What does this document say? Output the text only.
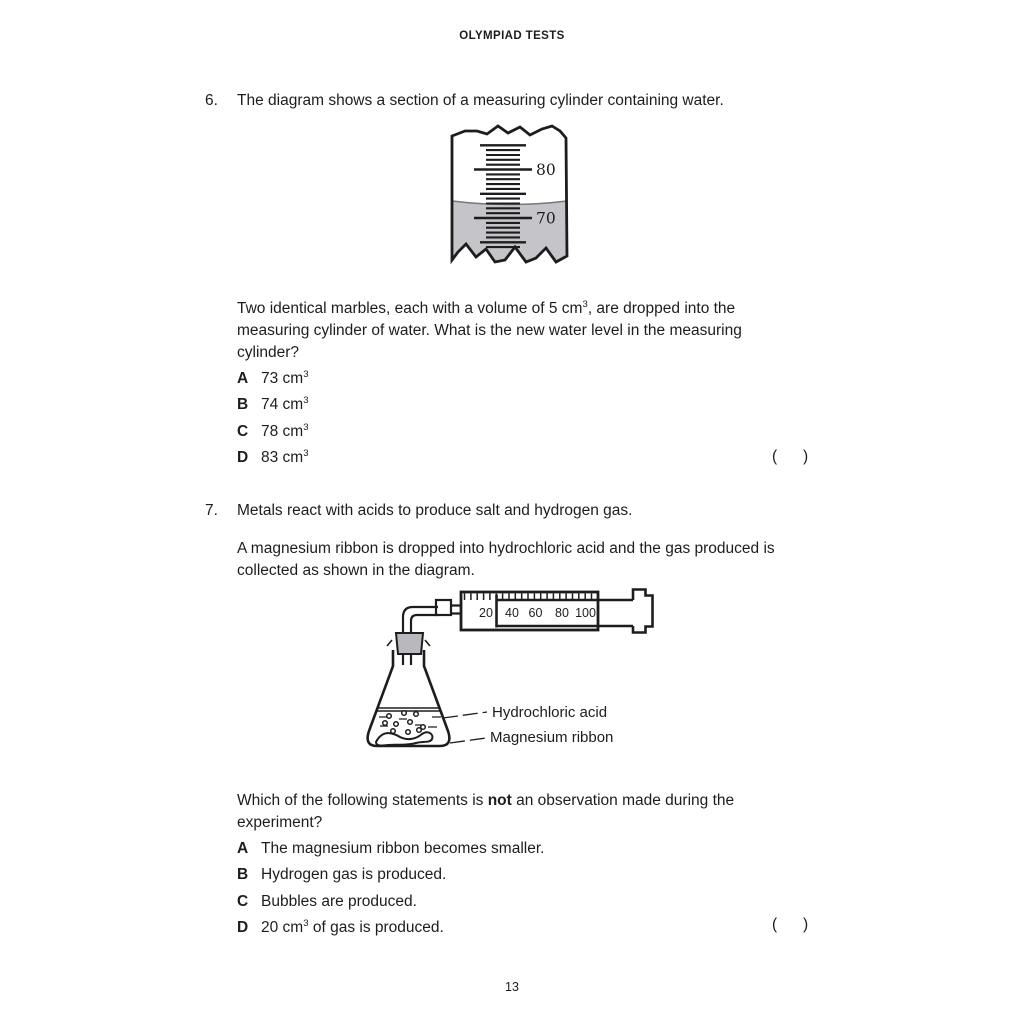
OLYMPIAD TESTS
6.	The diagram shows a section of a measuring cylinder containing water.
80
70
Two identical marbles, each with a volume of 5 $cm^3$, are dropped into the measuring cylinder of water. What is the new water level in the measuring cylinder?
A 73 $cm^3$
B 74 $cm^3$
C 78 $cm^3$
D 83 $cm^3$	(      )
7.	Metals react with acids to produce salt and hydrogen gas.
A magnesium ribbon is dropped into hydrochloric acid and the gas produced is collected as shown in the diagram.
20 40 60 80 100
Hydrochloric acid
Magnesium ribbon
Which of the following statements is not an observation made during the experiment?
A The magnesium ribbon becomes smaller.
B Hydrogen gas is produced.
C Bubbles are produced.
D 20 $cm^3$ of gas is produced.	(      )
13
